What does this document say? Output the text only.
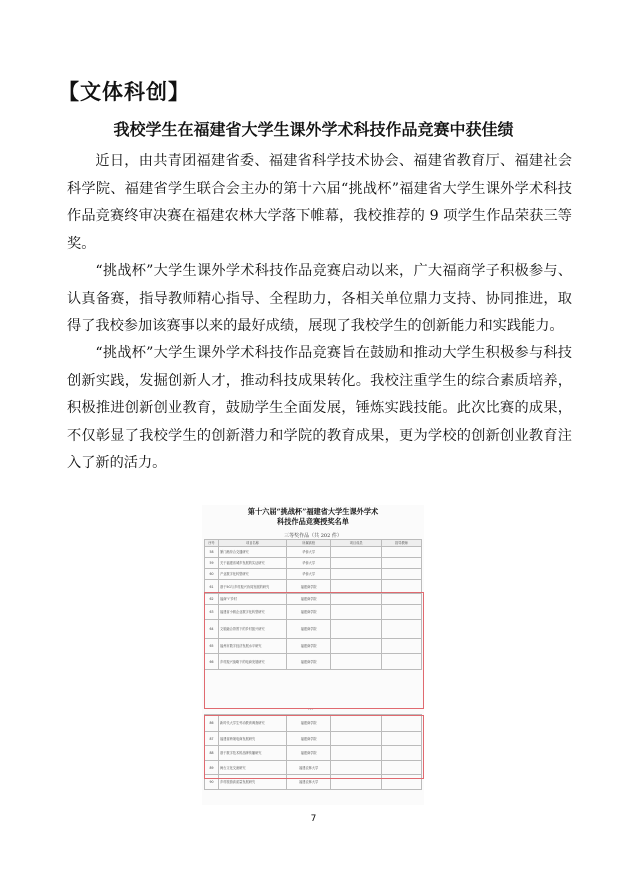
【文体科创】
我校学生在福建省大学生课外学术科技作品竞赛中获佳绩

近日，由共青团福建省委、福建省科学技术协会、福建省教育厅、福建社会科学院、福建省学生联合会主办的第十六届“挑战杯”福建省大学生课外学术科技作品竞赛终审决赛在福建农林大学落下帷幕，我校推荐的 9 项学生作品荣获三等奖。

“挑战杯”大学生课外学术科技作品竞赛启动以来，广大福商学子积极参与、认真备赛，指导教师精心指导、全程助力，各相关单位鼎力支持、协同推进，取得了我校参加该赛事以来的最好成绩，展现了我校学生的创新能力和实践能力。

“挑战杯”大学生课外学术科技作品竞赛旨在鼓励和推动大学生积极参与科技创新实践，发掘创新人才，推动科技成果转化。我校注重学生的综合素质培养，积极推进创新创业教育，鼓励学生全面发展，锤炼实践技能。此次比赛的成果，不仅彰显了我校学生的创新潜力和学院的教育成果，更为学校的创新创业教育注入了新的活力。

第十六届“挑战杯”福建省大学生课外学术
科技作品竞赛授奖名单
三等奖作品（共 202 件）
序号	项目名称	所属高校	项目成员	指导教师
58	厦门港综合交通研究	华侨大学		
59	关于福建省城乡发展的实证研究	华侨大学		
60	产业数字化转型研究	华侨大学		
61	基于5G与乡村振兴协同发展的研究	福建商学院		
62	福商“i”乡村	福建商学院		
63	福建省小微企业数字化转型研究	福建商学院		
64	文旅融合背景下的乡村振兴研究	福建商学院		
65	福州市数字经济发展水平研究	福建商学院		
66	乡村振兴战略下的电商发展研究	福建商学院		
…
86	新时代大学生劳动教育调查研究	福建商学院		
87	福建省跨境电商发展研究	福建商学院		
88	基于数字技术的品牌传播研究	福建商学院		
89	闽台文化交流研究	福建农林大学		
90	乡村旅游高质量发展研究	福建农林大学		
7
